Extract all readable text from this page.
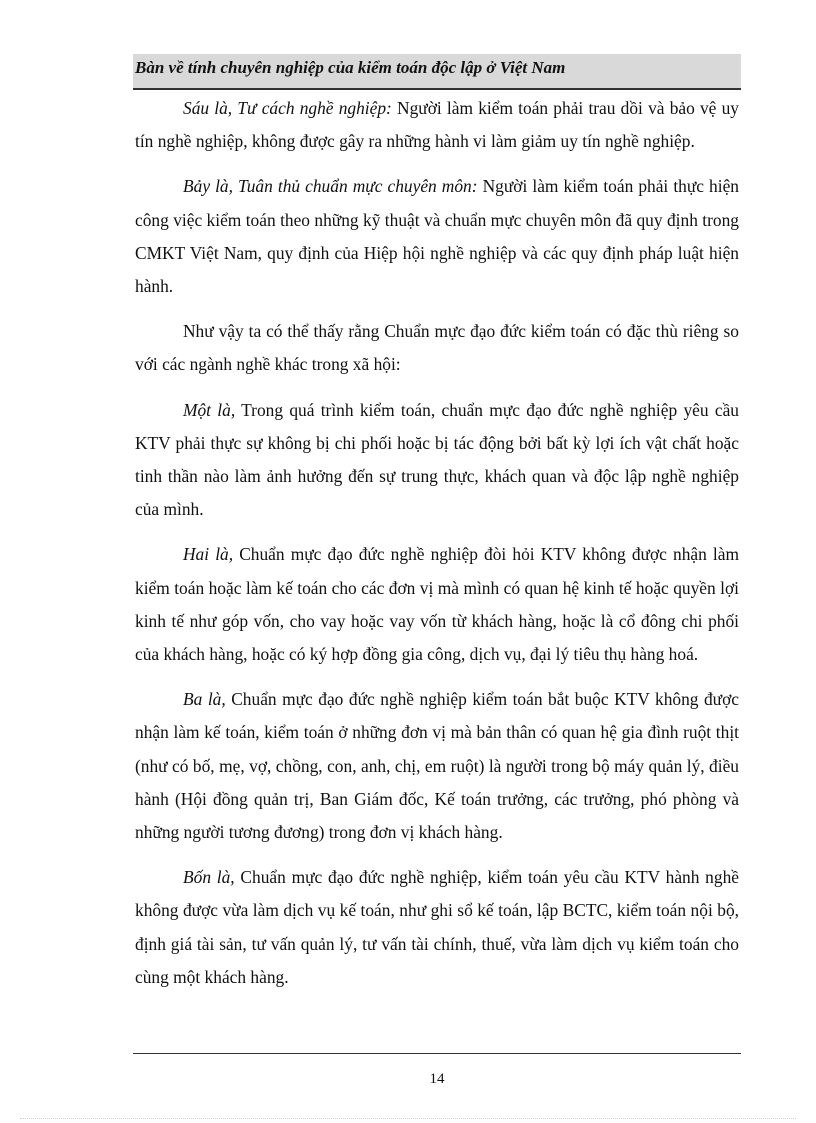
Bàn về tính chuyên nghiệp của kiểm toán độc lập ở Việt Nam

Sáu là, Tư cách nghề nghiệp: Người làm kiểm toán phải trau dồi và bảo vệ uy tín nghề nghiệp, không được gây ra những hành vi làm giảm uy tín nghề nghiệp.

Bảy là, Tuân thủ chuẩn mực chuyên môn: Người làm kiểm toán phải thực hiện công việc kiểm toán theo những kỹ thuật và chuẩn mực chuyên môn đã quy định trong CMKT Việt Nam, quy định của Hiệp hội nghề nghiệp và các quy định pháp luật hiện hành.

Như vậy ta có thể thấy rằng Chuẩn mực đạo đức kiểm toán có đặc thù riêng so với các ngành nghề khác trong xã hội:

Một là, Trong quá trình kiểm toán, chuẩn mực đạo đức nghề nghiệp yêu cầu KTV phải thực sự không bị chi phối hoặc bị tác động bởi bất kỳ lợi ích vật chất hoặc tinh thần nào làm ảnh hưởng đến sự trung thực, khách quan và độc lập nghề nghiệp của mình.

Hai là, Chuẩn mực đạo đức nghề nghiệp đòi hỏi KTV không được nhận làm kiểm toán hoặc làm kế toán cho các đơn vị mà mình có quan hệ kinh tế hoặc quyền lợi kinh tế như góp vốn, cho vay hoặc vay vốn từ khách hàng, hoặc là cổ đông chi phối của khách hàng, hoặc có ký hợp đồng gia công, dịch vụ, đại lý tiêu thụ hàng hoá.

Ba là, Chuẩn mực đạo đức nghề nghiệp kiểm toán bắt buộc KTV không được nhận làm kế toán, kiểm toán ở những đơn vị mà bản thân có quan hệ gia đình ruột thịt (như có bố, mẹ, vợ, chồng, con, anh, chị, em ruột) là người trong bộ máy quản lý, điều hành (Hội đồng quản trị, Ban Giám đốc, Kế toán trưởng, các trưởng, phó phòng và những người tương đương) trong đơn vị khách hàng.

Bốn là, Chuẩn mực đạo đức nghề nghiệp, kiểm toán yêu cầu KTV hành nghề không được vừa làm dịch vụ kế toán, như ghi sổ kế toán, lập BCTC, kiểm toán nội bộ, định giá tài sản, tư vấn quản lý, tư vấn tài chính, thuế, vừa làm dịch vụ kiểm toán cho cùng một khách hàng.

14
